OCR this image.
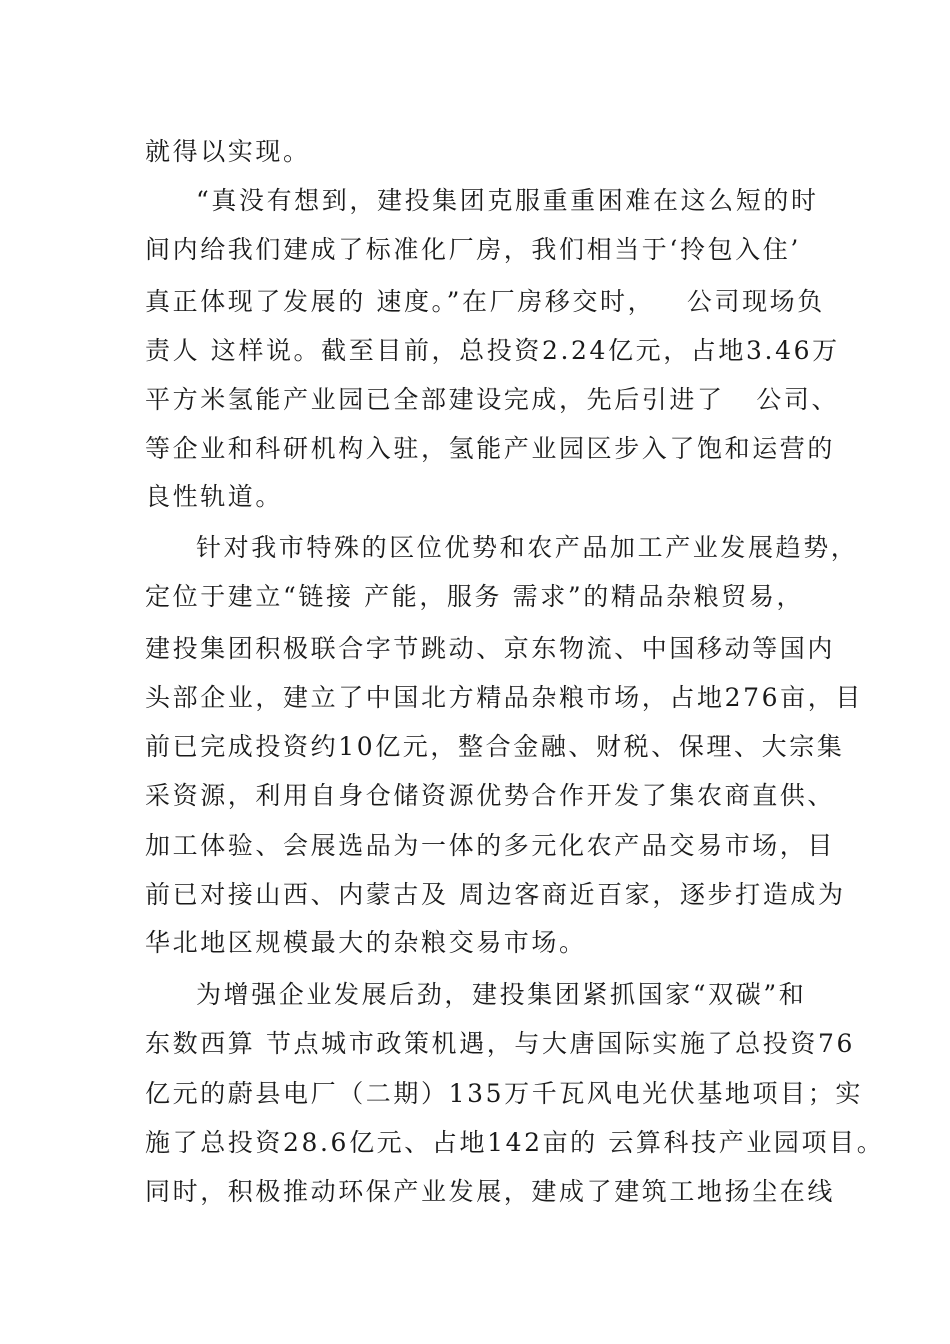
就得以实现。
“真没有想到，建投集团克服重重困难在这么短的时
间内给我们建成了标准化厂房，我们相当于‘拎包入住’
真正体现了发展的 速度。”在厂房移交时，   公司现场负
责人 这样说。截至目前，总投资2.24亿元，占地3.46万
平方米氢能产业园已全部建设完成，先后引进了   公司、
等企业和科研机构入驻，氢能产业园区步入了饱和运营的
良性轨道。
针对我市特殊的区位优势和农产品加工产业发展趋势，
定位于建立“链接 产能，服务 需求”的精品杂粮贸易，
建投集团积极联合字节跳动、京东物流、中国移动等国内
头部企业，建立了中国北方精品杂粮市场，占地276亩，目
前已完成投资约10亿元，整合金融、财税、保理、大宗集
采资源，利用自身仓储资源优势合作开发了集农商直供、
加工体验、会展选品为一体的多元化农产品交易市场，目
前已对接山西、内蒙古及 周边客商近百家，逐步打造成为
华北地区规模最大的杂粮交易市场。
为增强企业发展后劲，建投集团紧抓国家“双碳”和
东数西算 节点城市政策机遇，与大唐国际实施了总投资76
亿元的蔚县电厂（二期）135万千瓦风电光伏基地项目；实
施了总投资28.6亿元、占地142亩的 云算科技产业园项目。
同时，积极推动环保产业发展，建成了建筑工地扬尘在线
